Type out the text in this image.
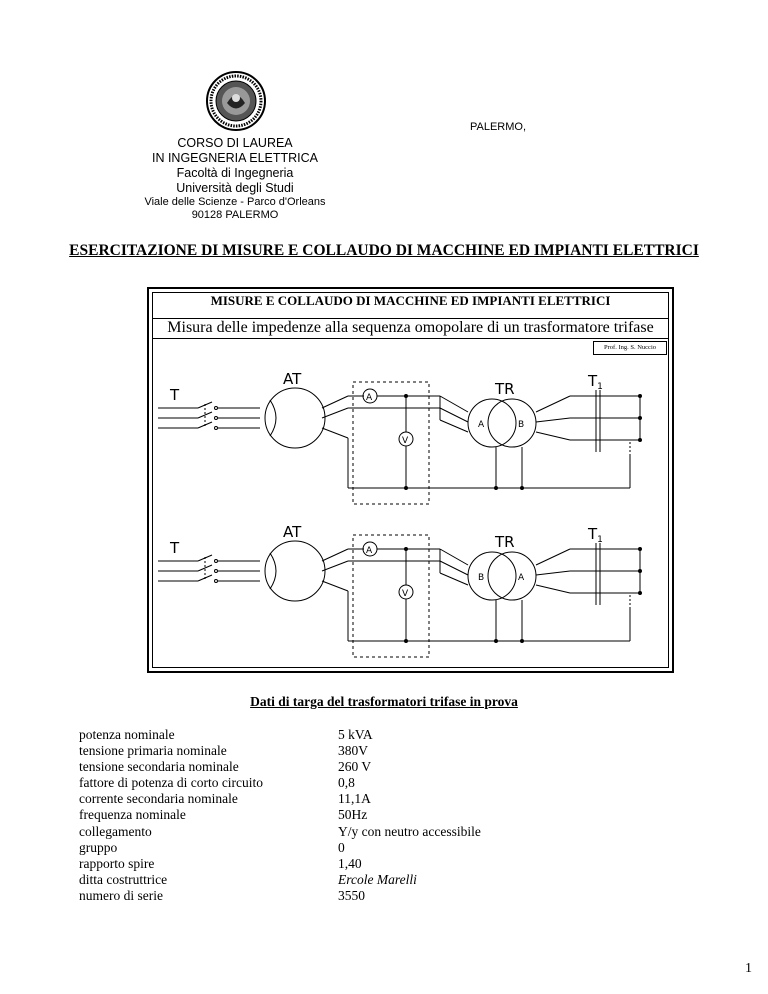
PALERMO,
CORSO DI LAUREA
IN INGEGNERIA ELETTRICA
Facoltà di Ingegneria
Università degli Studi
Viale delle Scienze - Parco d'Orleans
90128 PALERMO
ESERCITAZIONE DI MISURE E COLLAUDO DI MACCHINE ED IMPIANTI ELETTRICI
MISURE E COLLAUDO DI MACCHINE ED IMPIANTI ELETTRICI
Misura delle impedenze alla sequenza omopolare di un trasformatore trifase
Prof. Ing. S. Nuccio
T
AT
A
V
TR
A	B
$T_1$
T
AT
A
V
TR
B	A
$T_1$
Dati di targa del trasformatori trifase in prova
potenza nominale	5 kVA
tensione primaria nominale	380V
tensione secondaria nominale	260 V
fattore di potenza di corto circuito	0,8
corrente secondaria nominale	11,1A
frequenza nominale	50Hz
collegamento	Y/y con neutro accessibile
gruppo	0
rapporto spire	1,40
ditta costruttrice	Ercole Marelli
numero di serie	3550
1
